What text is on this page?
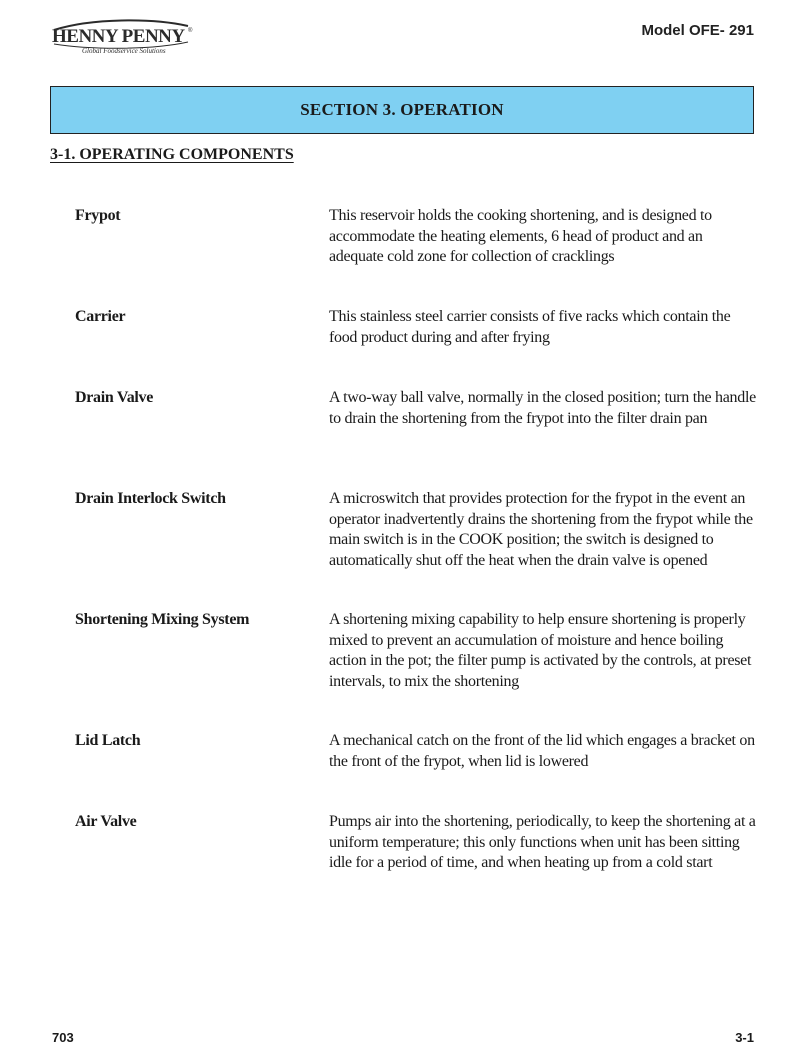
HENNY PENNY ®
Global Foodservice Solutions
Model OFE- 291
SECTION 3. OPERATION
3-1. OPERATING COMPONENTS
Frypot	This reservoir holds the cooking shortening, and is designed to accommodate the heating elements, 6 head of product and an adequate cold zone for collection of cracklings
Carrier	This stainless steel carrier consists of five racks which contain the food product during and after frying
Drain Valve	A two-way ball valve, normally in the closed position; turn the handle to drain the shortening from the frypot into the filter drain pan
Drain Interlock Switch	A microswitch that provides protection for the frypot in the event an operator inadvertently drains the shortening from the frypot while the main switch is in the COOK position; the switch is designed to automatically shut off the heat when the drain valve is opened
Shortening Mixing System	A shortening mixing capability to help ensure shortening is properly mixed to prevent an accumulation of moisture and hence boiling action in the pot; the filter pump is activated by the controls, at preset intervals, to mix the shortening
Lid Latch	A mechanical catch on the front of the lid which engages a bracket on the front of the frypot, when lid is lowered
Air Valve	Pumps air into the shortening, periodically, to keep the shortening at a uniform temperature; this only functions when unit has been sitting idle for a period of time, and when heating up from a cold start
703	3-1
